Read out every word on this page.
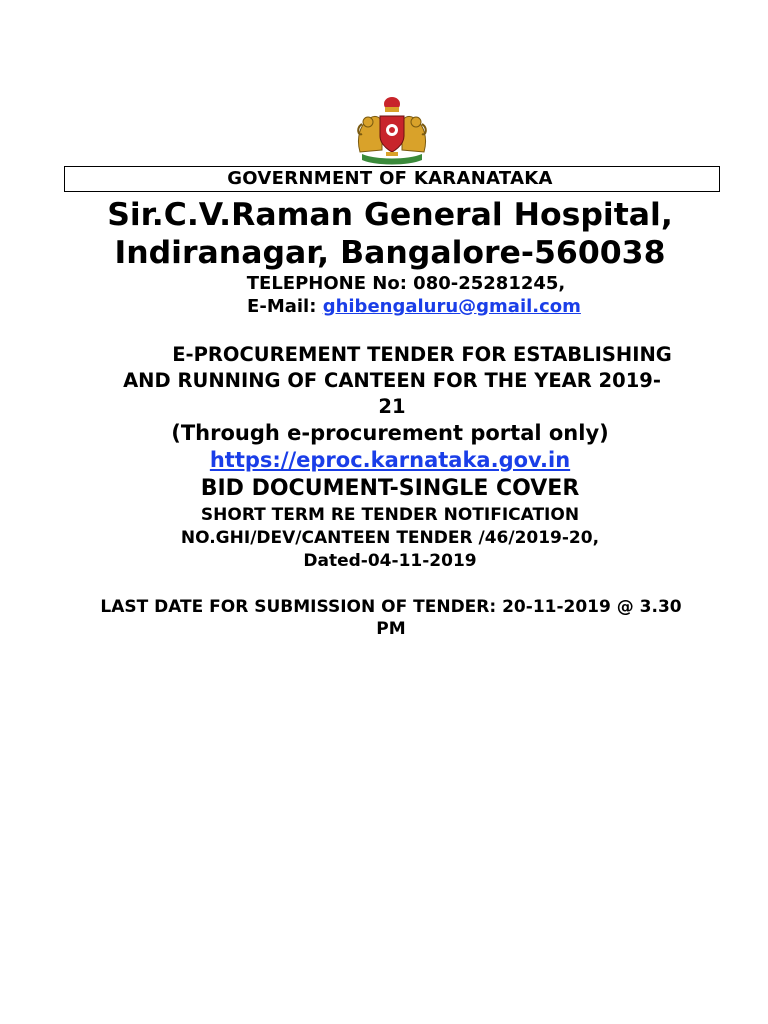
GOVERNMENT OF KARANATAKA
Sir.C.V.Raman General Hospital,
Indiranagar, Bangalore-560038
TELEPHONE No: 080-25281245,
E-Mail: ghibengaluru@gmail.com
E-PROCUREMENT TENDER FOR ESTABLISHING
AND RUNNING OF CANTEEN FOR THE YEAR 2019-
21
(Through e-procurement portal only)
https://eproc.karnataka.gov.in
BID DOCUMENT-SINGLE COVER
SHORT TERM RE TENDER NOTIFICATION
NO.GHI/DEV/CANTEEN TENDER /46/2019-20,
Dated-04-11-2019
LAST DATE FOR SUBMISSION OF TENDER: 20-11-2019 @ 3.30
PM
